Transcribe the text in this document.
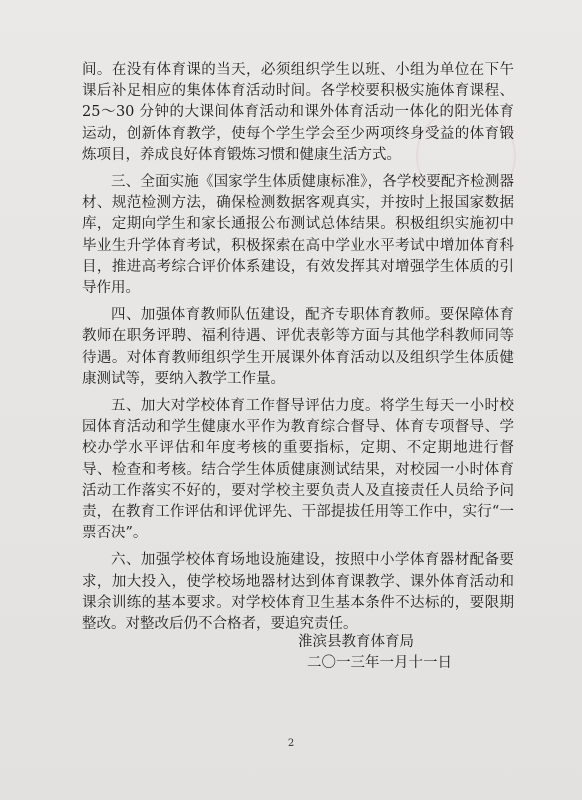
间。在没有体育课的当天，必须组织学生以班、小组为单位在下午课后补足相应的集体体育活动时间。各学校要积极实施体育课程、25～30 分钟的大课间体育活动和课外体育活动一体化的阳光体育运动，创新体育教学，使每个学生学会至少两项终身受益的体育锻炼项目，养成良好体育锻炼习惯和健康生活方式。

三、全面实施《国家学生体质健康标准》，各学校要配齐检测器材、规范检测方法，确保检测数据客观真实，并按时上报国家数据库，定期向学生和家长通报公布测试总体结果。积极组织实施初中毕业生升学体育考试，积极探索在高中学业水平考试中增加体育科目，推进高考综合评价体系建设，有效发挥其对增强学生体质的引导作用。

四、加强体育教师队伍建设，配齐专职体育教师。要保障体育教师在职务评聘、福利待遇、评优表彰等方面与其他学科教师同等待遇。对体育教师组织学生开展课外体育活动以及组织学生体质健康测试等，要纳入教学工作量。

五、加大对学校体育工作督导评估力度。将学生每天一小时校园体育活动和学生健康水平作为教育综合督导、体育专项督导、学校办学水平评估和年度考核的重要指标，定期、不定期地进行督导、检查和考核。结合学生体质健康测试结果，对校园一小时体育活动工作落实不好的，要对学校主要负责人及直接责任人员给予问责，在教育工作评估和评优评先、干部提拔任用等工作中，实行“一票否决”。

六、加强学校体育场地设施建设，按照中小学体育器材配备要求，加大投入，使学校场地器材达到体育课教学、课外体育活动和课余训练的基本要求。对学校体育卫生基本条件不达标的，要限期整改。对整改后仍不合格者，要追究责任。

淮滨县教育体育局
二〇一三年一月十一日
2
